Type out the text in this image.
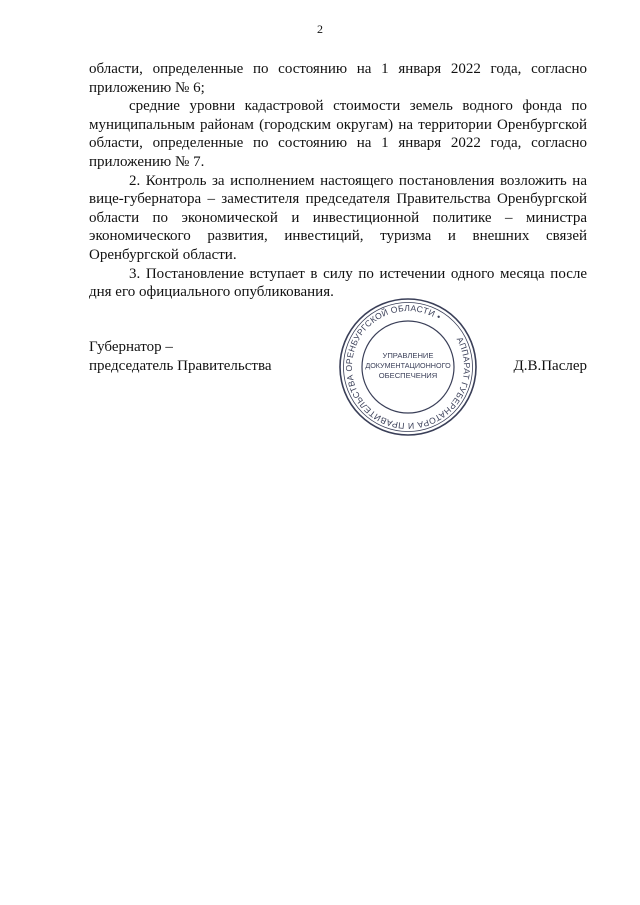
2

области, определенные по состоянию на 1 января 2022 года, согласно приложению № 6;

средние уровни кадастровой стоимости земель водного фонда по муниципальным районам (городским округам) на территории Оренбургской области, определенные по состоянию на 1 января 2022 года, согласно приложению № 7.

2. Контроль за исполнением настоящего постановления возложить на вице-губернатора – заместителя председателя Правительства Оренбургской области по экономической и инвестиционной политике – министра экономического развития, инвестиций, туризма и внешних связей Оренбургской области.

3. Постановление вступает в силу по истечении одного месяца после дня его официального опубликования.

Губернатор –
председатель Правительства	Д.В.Паслер
АППАРАТ ГУБЕРНАТОРА И ПРАВИТЕЛЬСТВА ОРЕНБУРГСКОЙ ОБЛАСТИ •
УПРАВЛЕНИЕ
ДОКУМЕНТАЦИОННОГО
ОБЕСПЕЧЕНИЯ
